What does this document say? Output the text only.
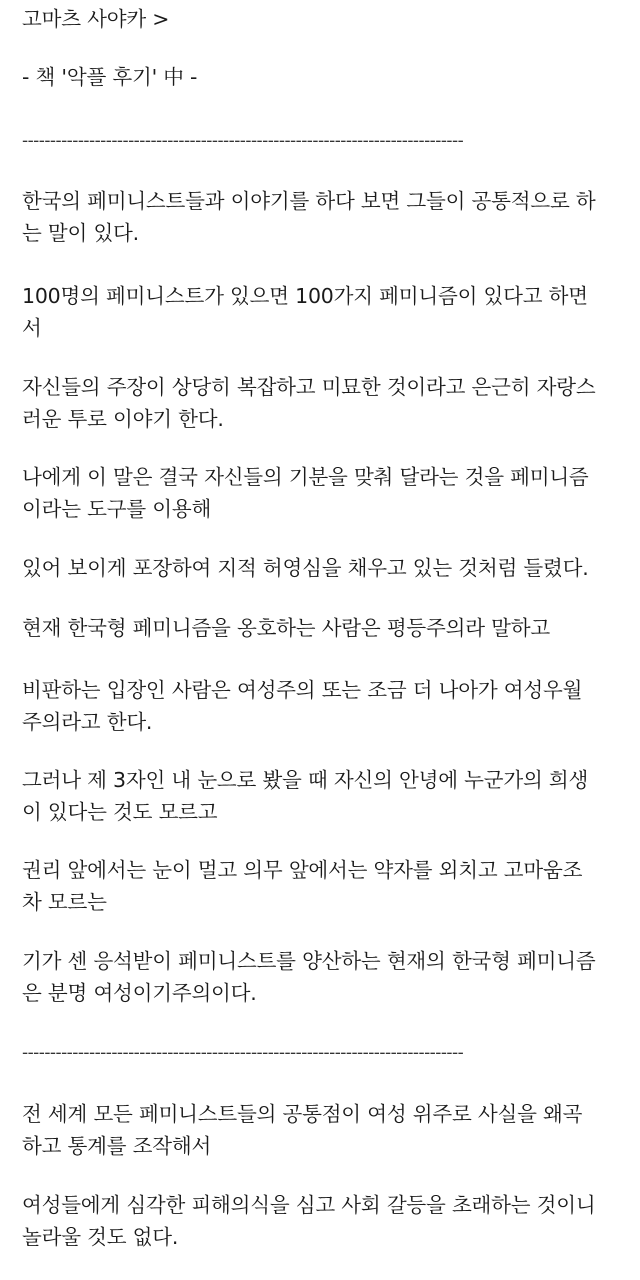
고마츠 사야카 >
- 책 '악플 후기' 中 -
-------------------------------------------------------------------------------
한국의 페미니스트들과 이야기를 하다 보면 그들이 공통적으로 하
는 말이 있다.
100명의 페미니스트가 있으면 100가지 페미니즘이 있다고 하면
서
자신들의 주장이 상당히 복잡하고 미묘한 것이라고 은근히 자랑스
러운 투로 이야기 한다.
나에게 이 말은 결국 자신들의 기분을 맞춰 달라는 것을 페미니즘
이라는 도구를 이용해
있어 보이게 포장하여 지적 허영심을 채우고 있는 것처럼 들렸다.
현재 한국형 페미니즘을 옹호하는 사람은 평등주의라 말하고
비판하는 입장인 사람은 여성주의 또는 조금 더 나아가 여성우월
주의라고 한다.
그러나 제 3자인 내 눈으로 봤을 때 자신의 안녕에 누군가의 희생
이 있다는 것도 모르고
권리 앞에서는 눈이 멀고 의무 앞에서는 약자를 외치고 고마움조
차 모르는
기가 센 응석받이 페미니스트를 양산하는 현재의 한국형 페미니즘
은 분명 여성이기주의이다.
-------------------------------------------------------------------------------
전 세계 모든 페미니스트들의 공통점이 여성 위주로 사실을 왜곡
하고 통계를 조작해서
여성들에게 심각한 피해의식을 심고 사회 갈등을 초래하는 것이니
놀라울 것도 없다.
